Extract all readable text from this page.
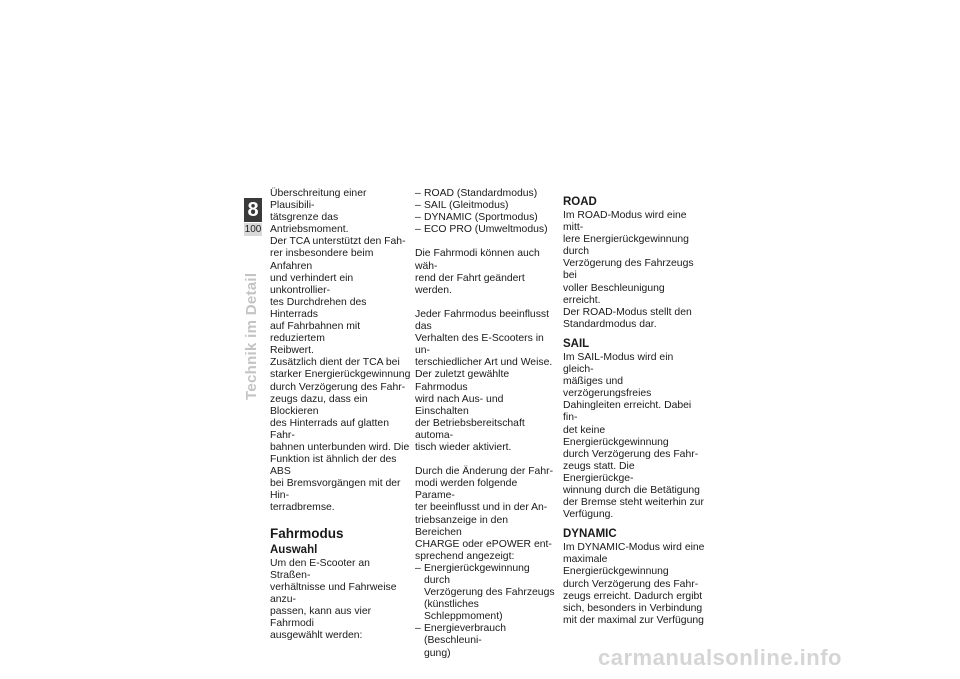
8
100
Technik im Detail

Überschreitung einer Plausibili-

tätsgrenze das Antriebsmoment.

Der TCA unterstützt den Fah-

rer insbesondere beim Anfahren

und verhindert ein unkontrollier-

tes Durchdrehen des Hinterrads

auf Fahrbahnen mit reduziertem

Reibwert.

Zusätzlich dient der TCA bei

starker Energierückgewinnung

durch Verzögerung des Fahr-

zeugs dazu, dass ein Blockieren

des Hinterrads auf glatten Fahr-

bahnen unterbunden wird. Die

Funktion ist ähnlich der des ABS

bei Bremsvorgängen mit der Hin-

terradbremse.

Fahrmodus
Auswahl

Um den E-Scooter an Straßen-

verhältnisse und Fahrweise anzu-

passen, kann aus vier Fahrmodi

ausgewählt werden:

– ROAD (Standardmodus)
– SAIL (Gleitmodus)
– DYNAMIC (Sportmodus)
– ECO PRO (Umweltmodus)

Die Fahrmodi können auch wäh-

rend der Fahrt geändert werden.

Jeder Fahrmodus beeinflusst das

Verhalten des E-Scooters in un-

terschiedlicher Art und Weise.

Der zuletzt gewählte Fahrmodus

wird nach Aus- und Einschalten

der Betriebsbereitschaft automa-

tisch wieder aktiviert.

Durch die Änderung der Fahr-

modi werden folgende Parame-

ter beeinflusst und in der An-

triebsanzeige in den Bereichen

CHARGE oder ePOWER ent-

sprechend angezeigt:

– Energierückgewinnung durch

Verzögerung des Fahrzeugs

(künstliches Schleppmoment)

– Energieverbrauch (Beschleuni-

gung)

ROAD

Im ROAD-Modus wird eine mitt-

lere Energierückgewinnung durch

Verzögerung des Fahrzeugs bei

voller Beschleunigung erreicht.

Der ROAD-Modus stellt den

Standardmodus dar.

SAIL

Im SAIL-Modus wird ein gleich-

mäßiges und verzögerungsfreies

Dahingleiten erreicht. Dabei fin-

det keine Energierückgewinnung

durch Verzögerung des Fahr-

zeugs statt. Die Energierückge-

winnung durch die Betätigung

der Bremse steht weiterhin zur

Verfügung.

DYNAMIC

Im DYNAMIC-Modus wird eine

maximale Energierückgewinnung

durch Verzögerung des Fahr-

zeugs erreicht. Dadurch ergibt

sich, besonders in Verbindung

mit der maximal zur Verfügung

carmanualsonline.info
